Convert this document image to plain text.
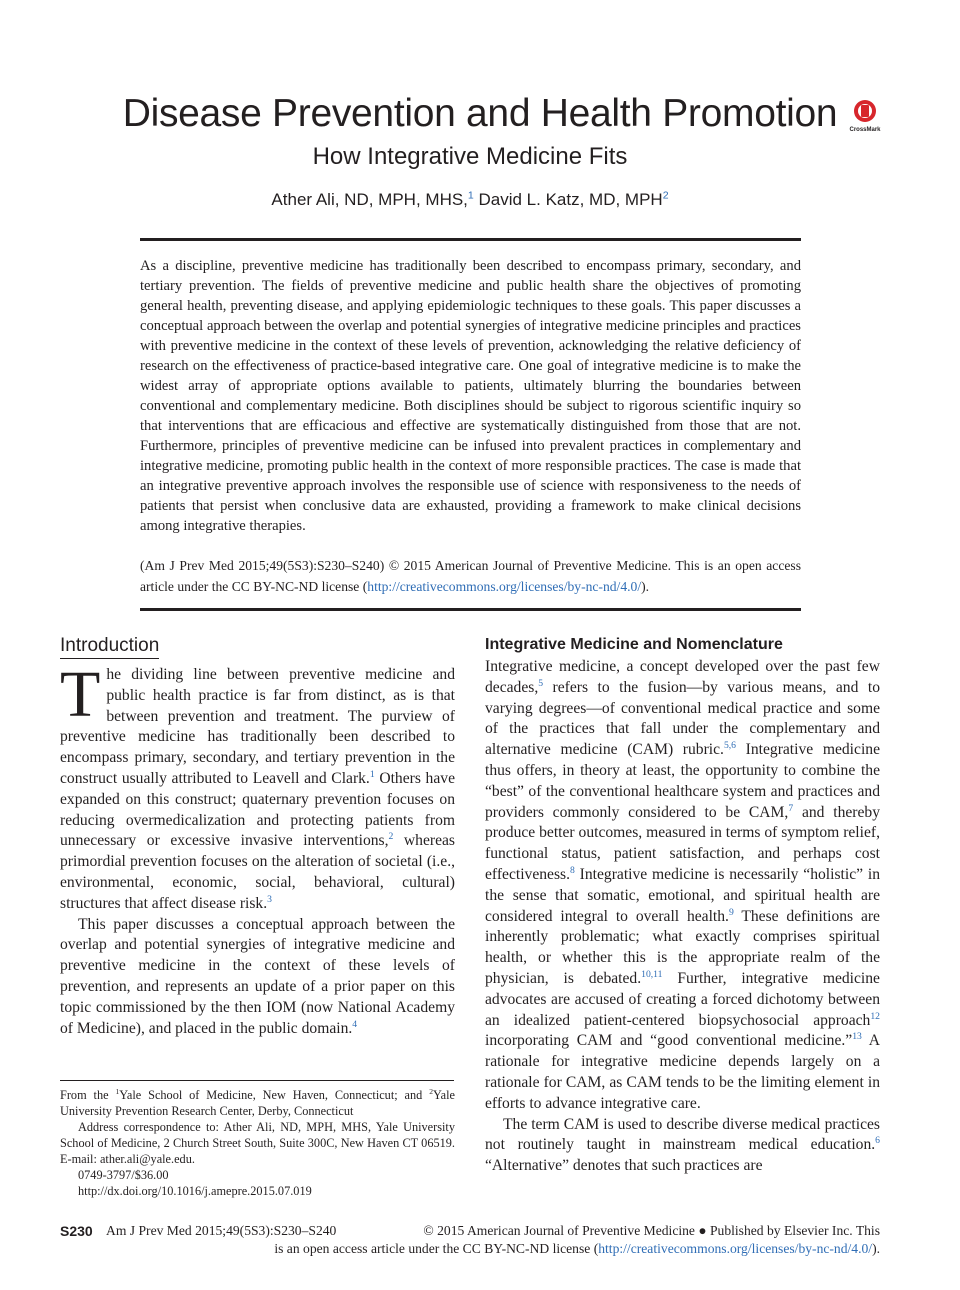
Disease Prevention and Health Promotion	CrossMark
How Integrative Medicine Fits
Ather Ali, ND, MPH, MHS,$^1$ David L. Katz, MD, MPH$^2$

As a discipline, preventive medicine has traditionally been described to encompass primary, secondary, and tertiary prevention. The fields of preventive medicine and public health share the objectives of promoting general health, preventing disease, and applying epidemiologic techniques to these goals. This paper discusses a conceptual approach between the overlap and potential synergies of integrative medicine principles and practices with preventive medicine in the context of these levels of prevention, acknowledging the relative deficiency of research on the effectiveness of practice-based integrative care. One goal of integrative medicine is to make the widest array of appropriate options available to patients, ultimately blurring the boundaries between conventional and complementary medicine. Both disciplines should be subject to rigorous scientific inquiry so that interventions that are efficacious and effective are systematically distinguished from those that are not. Furthermore, principles of preventive medicine can be infused into prevalent practices in complementary and integrative medicine, promoting public health in the context of more responsible practices. The case is made that an integrative preventive approach involves the responsible use of science with responsiveness to the needs of patients that persist when conclusive data are exhausted, providing a framework to make clinical decisions among integrative therapies.

(Am J Prev Med 2015;49(5S3):S230–S240) © 2015 American Journal of Preventive Medicine. This is an open access article under the CC BY-NC-ND license (http://creativecommons.org/licenses/by-nc-nd/4.0/).
Introduction

The dividing line between preventive medicine and public health practice is far from distinct, as is that between prevention and treatment. The purview of preventive medicine has traditionally been described to encompass primary, secondary, and tertiary prevention in the construct usually attributed to Leavell and Clark.$^1$ Others have expanded on this construct; quaternary prevention focuses on reducing overmedicalization and protecting patients from unnecessary or excessive invasive interventions,$^2$ whereas primordial prevention focuses on the alteration of societal (i.e., environmental, economic, social, behavioral, cultural) structures that affect disease risk.$^3$

This paper discusses a conceptual approach between the overlap and potential synergies of integrative medicine and preventive medicine in the context of these levels of prevention, and represents an update of a prior paper on this topic commissioned by the then IOM (now National Academy of Medicine), and placed in the public domain.$^4$

From the $^1$Yale School of Medicine, New Haven, Connecticut; and $^2$Yale University Prevention Research Center, Derby, Connecticut

Address correspondence to: Ather Ali, ND, MPH, MHS, Yale University School of Medicine, 2 Church Street South, Suite 300C, New Haven CT 06519. E-mail: ather.ali@yale.edu.

0749-3797/$36.00

http://dx.doi.org/10.1016/j.amepre.2015.07.019

Integrative Medicine and Nomenclature

Integrative medicine, a concept developed over the past few decades,$^5$ refers to the fusion—by various means, and to varying degrees—of conventional medical practice and some of the practices that fall under the complementary and alternative medicine (CAM) rubric.$^{5,6}$ Integrative medicine thus offers, in theory at least, the opportunity to combine the “best” of the conventional healthcare system and practices and providers commonly considered to be CAM,$^7$ and thereby produce better outcomes, measured in terms of symptom relief, functional status, patient satisfaction, and perhaps cost effectiveness.$^8$ Integrative medicine is necessarily “holistic” in the sense that somatic, emotional, and spiritual health are considered integral to overall health.$^9$ These definitions are inherently problematic; what exactly comprises spiritual health, or whether this is the appropriate realm of the physician, is debated.$^{10,11}$ Further, integrative medicine advocates are accused of creating a forced dichotomy between an idealized patient-centered biopsychosocial approach$^{12}$ incorporating CAM and “good conventional medicine.”$^{13}$ A rationale for integrative medicine depends largely on a rationale for CAM, as CAM tends to be the limiting element in efforts to advance integrative care.

The term CAM is used to describe diverse medical practices not routinely taught in mainstream medical education.$^6$ “Alternative” denotes that such practices are

S230 Am J Prev Med 2015;49(5S3):S230–S240	© 2015 American Journal of Preventive Medicine ● Published by Elsevier Inc. This
is an open access article under the CC BY-NC-ND license (http://creativecommons.org/licenses/by-nc-nd/4.0/).
